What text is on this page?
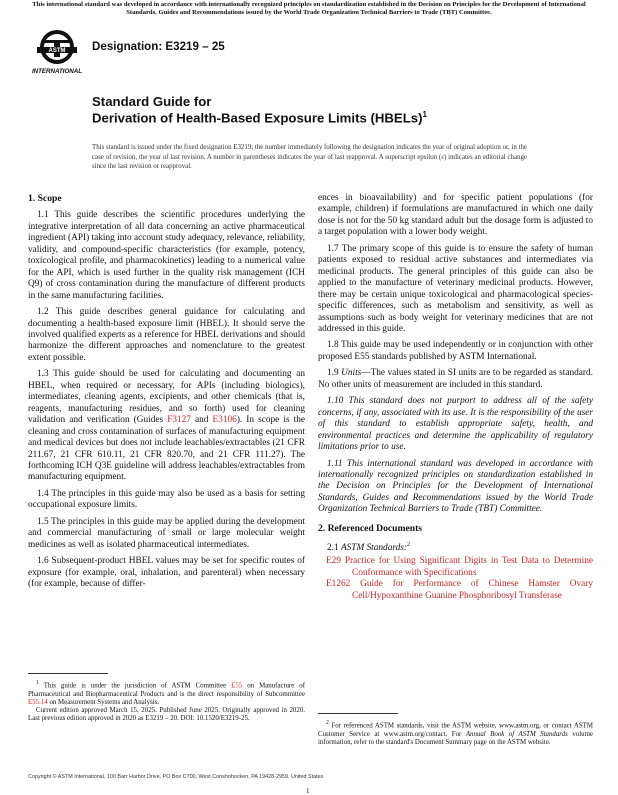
This international standard was developed in accordance with internationally recognized principles on standardization established in the Decision on Principles for the Development of International Standards, Guides and Recommendations issued by the World Trade Organization Technical Barriers to Trade (TBT) Committee.
ASTM
INTERNATIONAL
Designation: E3219 – 25
Standard Guide for
Derivation of Health-Based Exposure Limits (HBELs)$^1$
This standard is issued under the fixed designation E3219; the number immediately following the designation indicates the year of original adoption or, in the case of revision, the year of last revision. A number in parentheses indicates the year of last reapproval. A superscript epsilon (ε) indicates an editorial change since the last revision or reapproval.
1. Scope

1.1 This guide describes the scientific procedures underlying the integrative interpretation of all data concerning an active pharmaceutical ingredient (API) taking into account study adequacy, relevance, reliability, validity, and compound-specific characteristics (for example, potency, toxicological profile, and pharmacokinetics) leading to a numerical value for the API, which is used further in the quality risk management (ICH Q9) of cross contamination during the manufacture of different products in the same manufacturing facilities.

1.2 This guide describes general guidance for calculating and documenting a health-based exposure limit (HBEL). It should serve the involved qualified experts as a reference for HBEL derivations and should harmonize the different approaches and nomenclature to the greatest extent possible.

1.3 This guide should be used for calculating and documenting an HBEL, when required or necessary, for APIs (including biologics), intermediates, cleaning agents, excipients, and other chemicals (that is, reagents, manufacturing residues, and so forth) used for cleaning validation and verification (Guides F3127 and E3106). In scope is the cleaning and cross contamination of surfaces of manufacturing equipment and medical devices but does not include leachables/extractables (21 CFR 211.67, 21 CFR 610.11, 21 CFR 820.70, and 21 CFR 111.27). The forthcoming ICH Q3E guideline will address leachables/extractables from manufacturing equipment.

1.4 The principles in this guide may also be used as a basis for setting occupational exposure limits.

1.5 The principles in this guide may be applied during the development and commercial manufacturing of small or large molecular weight medicines as well as isolated pharmaceutical intermediates.

1.6 Subsequent-product HBEL values may be set for specific routes of exposure (for example, oral, inhalation, and parenteral) when necessary (for example, because of differ-

ences in bioavailability) and for specific patient populations (for example, children) if formulations are manufactured in which one daily dose is not for the 50 kg standard adult but the dosage form is adjusted to a target population with a lower body weight.

1.7 The primary scope of this guide is to ensure the safety of human patients exposed to residual active substances and intermediates via medicinal products. The general principles of this guide can also be applied to the manufacture of veterinary medicinal products. However, there may be certain unique toxicological and pharmacological species-specific differences, such as metabolism and sensitivity, as well as assumptions such as body weight for veterinary medicines that are not addressed in this guide.

1.8 This guide may be used independently or in conjunction with other proposed E55 standards published by ASTM International.

1.9 Units—The values stated in SI units are to be regarded as standard. No other units of measurement are included in this standard.

1.10 This standard does not purport to address all of the safety concerns, if any, associated with its use. It is the responsibility of the user of this standard to establish appropriate safety, health, and environmental practices and determine the applicability of regulatory limitations prior to use.

1.11 This international standard was developed in accordance with internationally recognized principles on standardization established in the Decision on Principles for the Development of International Standards, Guides and Recommendations issued by the World Trade Organization Technical Barriers to Trade (TBT) Committee.

2. Referenced Documents

2.1 ASTM Standards:$^2$

E29 Practice for Using Significant Digits in Test Data to Determine Conformance with Specifications
E1262 Guide for Performance of Chinese Hamster Ovary Cell/Hypoxanthine Guanine Phosphoribosyl Transferase
$^1$ This guide is under the jurisdiction of ASTM Committee E55 on Manufacture of Pharmaceutical and Biopharmaceutical Products and is the direct responsibility of Subcommittee E55.14 on Measurement Systems and Analysis.
Current edition approved March 15, 2025. Published June 2025. Originally approved in 2020. Last previous edition approved in 2020 as E3219 – 20. DOI: 10.1520/E3219-25.
$^2$ For referenced ASTM standards, visit the ASTM website, www.astm.org, or contact ASTM Customer Service at www.astm.org/contact. For Annual Book of ASTM Standards volume information, refer to the standard's Document Summary page on the ASTM website.
Copyright © ASTM International, 100 Barr Harbor Drive, PO Box C700, West Conshohocken, PA 19428-2959. United States
1
